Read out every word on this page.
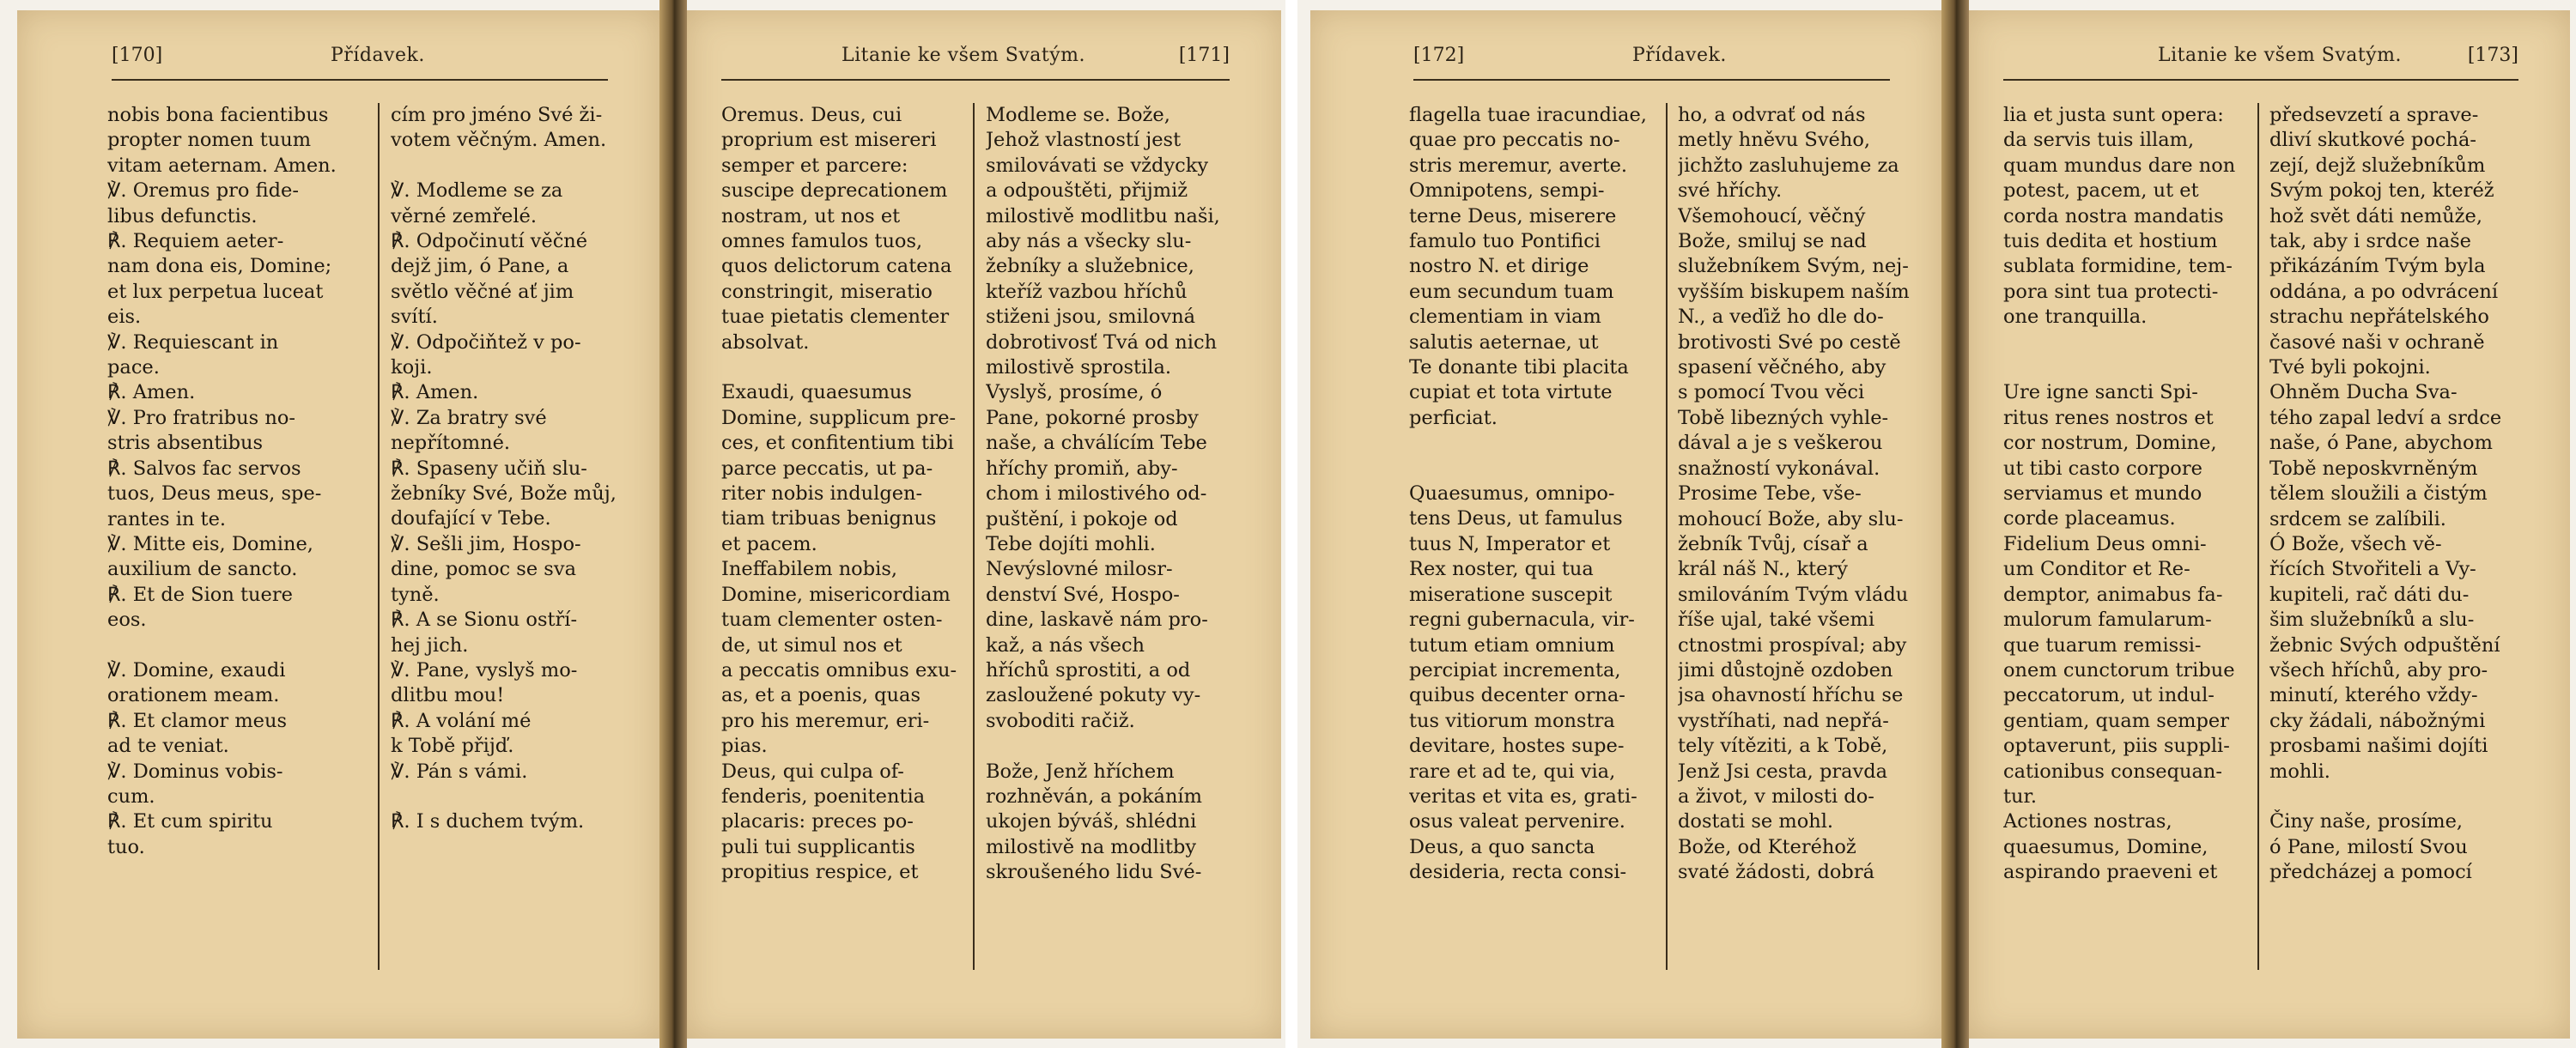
[170]	Přídavek.
nobis bona facientibus
propter nomen tuum
vitam aeternam. Amen.
℣. Oremus pro fide-
libus defunctis.
℟. Requiem aeter-
nam dona eis, Domine;
et lux perpetua luceat
eis.
℣. Requiescant in
pace.
℟. Amen.
℣. Pro fratribus no-
stris absentibus
℟. Salvos fac servos
tuos, Deus meus, spe-
rantes in te.
℣. Mitte eis, Domine,
auxilium de sancto.
℟. Et de Sion tuere
eos.
℣. Domine, exaudi
orationem meam.
℟. Et clamor meus
ad te veniat.
℣. Dominus vobis-
cum.
℟. Et cum spiritu
tuo.
cím pro jméno Své ži-
votem věčným. Amen.
℣. Modleme se za
věrné zemřelé.
℟. Odpočinutí věčné
dejž jim, ó Pane, a
světlo věčné ať jim
svítí.
℣. Odpočiňtež v po-
koji.
℟. Amen.
℣. Za bratry své
nepřítomné.
℟. Spaseny učiň slu-
žebníky Své, Bože můj,
doufající v Tebe.
℣. Sešli jim, Hospo-
dine, pomoc se sva
tyně.
℟. A se Sionu ostří-
hej jich.
℣. Pane, vyslyš mo-
dlitbu mou!
℟. A volání mé
k Tobě přijď.
℣. Pán s vámi.
℟. I s duchem tvým.
Litanie ke všem Svatým.	[171]
Oremus. Deus, cui
proprium est misereri
semper et parcere:
suscipe deprecationem
nostram, ut nos et
omnes famulos tuos,
quos delictorum catena
constringit, miseratio
tuae pietatis clementer
absolvat.
Exaudi, quaesumus
Domine, supplicum pre-
ces, et confitentium tibi
parce peccatis, ut pa-
riter nobis indulgen-
tiam tribuas benignus
et pacem.
Ineffabilem nobis,
Domine, misericordiam
tuam clementer osten-
de, ut simul nos et
a peccatis omnibus exu-
as, et a poenis, quas
pro his meremur, eri-
pias.
Deus, qui culpa of-
fenderis, poenitentia
placaris: preces po-
puli tui supplicantis
propitius respice, et
Modleme se. Bože,
Jehož vlastností jest
smilovávati se vždycky
a odpouštěti, přijmiž
milostivě modlitbu naši,
aby nás a všecky slu-
žebníky a služebnice,
kteříž vazbou hříchů
stiženi jsou, smilovná
dobrotivosť Tvá od nich
milostivě sprostila.
Vyslyš, prosíme, ó
Pane, pokorné prosby
naše, a chválícím Tebe
hříchy promiň, aby-
chom i milostivého od-
puštění, i pokoje od
Tebe dojíti mohli.
Nevýslovné milosr-
denství Své, Hospo-
dine, laskavě nám pro-
kaž, a nás všech
hříchů sprostiti, a od
zasloužené pokuty vy-
svoboditi račiž.
Bože, Jenž hříchem
rozhněván, a pokáním
ukojen býváš, shlédni
milostivě na modlitby
skroušeného lidu Své-
[172]	Přídavek.
flagella tuae iracundiae,
quae pro peccatis no-
stris meremur, averte.
Omnipotens, sempi-
terne Deus, miserere
famulo tuo Pontifici
nostro N. et dirige
eum secundum tuam
clementiam in viam
salutis aeternae, ut
Te donante tibi placita
cupiat et tota virtute
perficiat.
Quaesumus, omnipo-
tens Deus, ut famulus
tuus N, Imperator et
Rex noster, qui tua
miseratione suscepit
regni gubernacula, vir-
tutum etiam omnium
percipiat incrementa,
quibus decenter orna-
tus vitiorum monstra
devitare, hostes supe-
rare et ad te, qui via,
veritas et vita es, grati-
osus valeat pervenire.
Deus, a quo sancta
desideria, recta consi-
ho, a odvrať od nás
metly hněvu Svého,
jichžto zasluhujeme za
své hříchy.
Všemohoucí, věčný
Bože, smiluj se nad
služebníkem Svým, nej-
vyšším biskupem naším
N., a veďiž ho dle do-
brotivosti Své po cestě
spasení věčného, aby
s pomocí Tvou věci
Tobě libezných vyhle-
dával a je s veškerou
snažností vykonával.
Prosime Tebe, vše-
mohoucí Bože, aby slu-
žebník Tvůj, císař a
král náš N., který
smilováním Tvým vládu
říše ujal, také všemi
ctnostmi prospíval; aby
jimi důstojně ozdoben
jsa ohavností hříchu se
vystříhati, nad nepřá-
tely vítěziti, a k Tobě,
Jenž Jsi cesta, pravda
a život, v milosti do-
dostati se mohl.
Bože, od Kteréhož
svaté žádosti, dobrá
Litanie ke všem Svatým.	[173]
lia et justa sunt opera:
da servis tuis illam,
quam mundus dare non
potest, pacem, ut et
corda nostra mandatis
tuis dedita et hostium
sublata formidine, tem-
pora sint tua protecti-
one tranquilla.
Ure igne sancti Spi-
ritus renes nostros et
cor nostrum, Domine,
ut tibi casto corpore
serviamus et mundo
corde placeamus.
Fidelium Deus omni-
um Conditor et Re-
demptor, animabus fa-
mulorum famularum-
que tuarum remissi-
onem cunctorum tribue
peccatorum, ut indul-
gentiam, quam semper
optaverunt, piis suppli-
cationibus consequan-
tur.
Actiones nostras,
quaesumus, Domine,
aspirando praeveni et
předsevzetí a sprave-
dliví skutkové pochá-
zejí, dejž služebníkům
Svým pokoj ten, kteréž
hož svět dáti nemůže,
tak, aby i srdce naše
přikázáním Tvým byla
oddána, a po odvrácení
strachu nepřátelského
časové naši v ochraně
Tvé byli pokojni.
Ohněm Ducha Sva-
tého zapal ledví a srdce
naše, ó Pane, abychom
Tobě neposkvrněným
tělem sloužili a čistým
srdcem se zalíbili.
Ó Bože, všech vě-
řících Stvořiteli a Vy-
kupiteli, rač dáti du-
šim služebníků a slu-
žebnic Svých odpuštění
všech hříchů, aby pro-
minutí, kterého vždy-
cky žádali, nábožnými
prosbami našimi dojíti
mohli.
Činy naše, prosíme,
ó Pane, milostí Svou
předcházej a pomocí
